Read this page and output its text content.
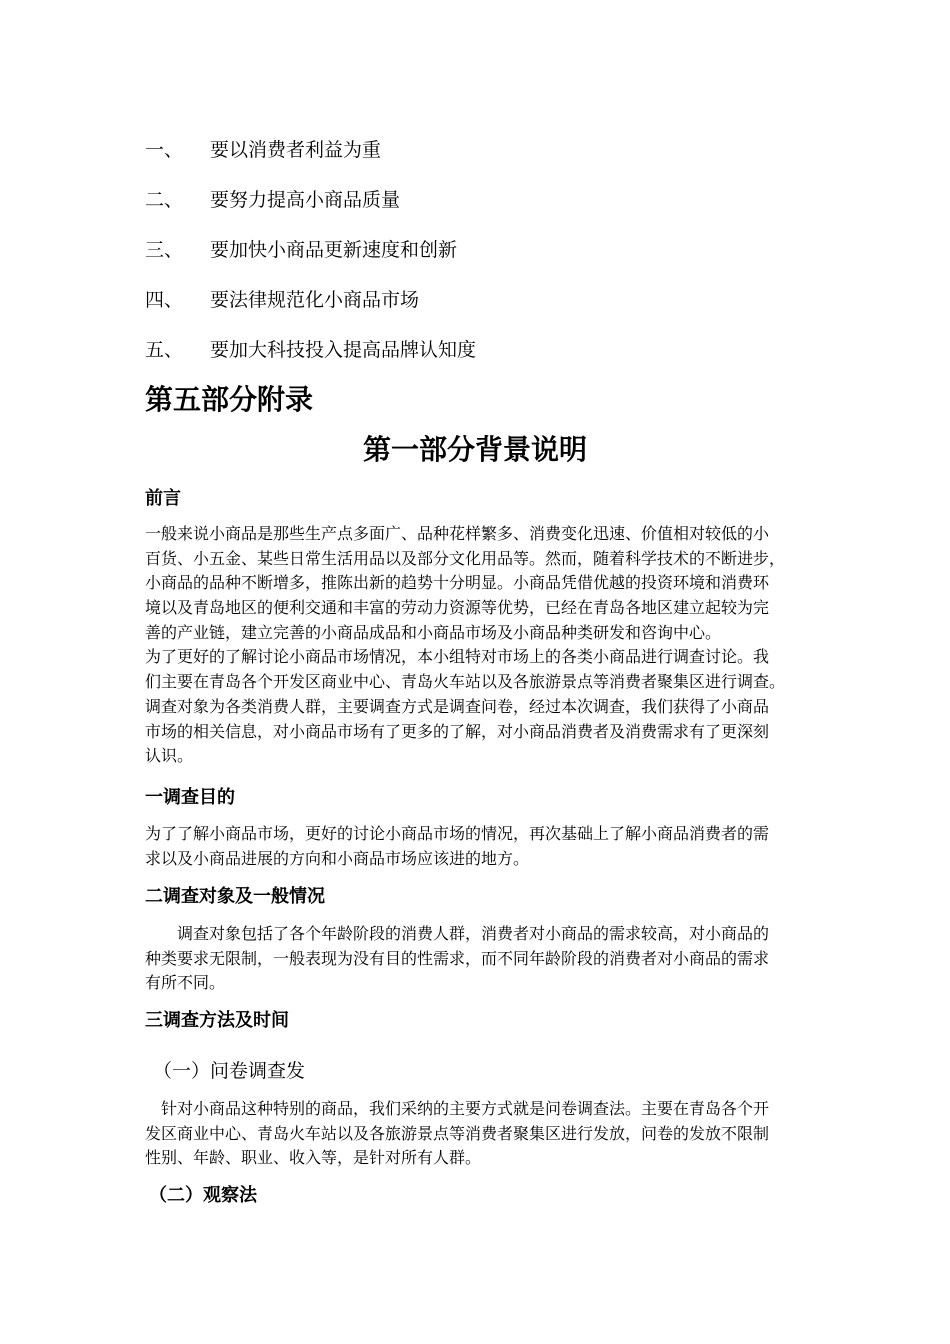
一、 要以消费者利益为重
二、 要努力提高小商品质量
三、 要加快小商品更新速度和创新
四、 要法律规范化小商品市场
五、 要加大科技投入提高品牌认知度
第五部分附录
第一部分背景说明
前言
一般来说小商品是那些生产点多面广、品种花样繁多、消费变化迅速、价值相对较低的小
百货、小五金、某些日常生活用品以及部分文化用品等。然而，随着科学技术的不断进步，
小商品的品种不断增多，推陈出新的趋势十分明显。小商品凭借优越的投资环境和消费环
境以及青岛地区的便利交通和丰富的劳动力资源等优势，已经在青岛各地区建立起较为完
善的产业链，建立完善的小商品成品和小商品市场及小商品种类研发和咨询中心。
为了更好的了解讨论小商品市场情况，本小组特对市场上的各类小商品进行调查讨论。我
们主要在青岛各个开发区商业中心、青岛火车站以及各旅游景点等消费者聚集区进行调查。
调查对象为各类消费人群，主要调查方式是调查问卷，经过本次调查，我们获得了小商品
市场的相关信息，对小商品市场有了更多的了解，对小商品消费者及消费需求有了更深刻
认识。
一调查目的
为了了解小商品市场，更好的讨论小商品市场的情况，再次基础上了解小商品消费者的需
求以及小商品进展的方向和小商品市场应该进的地方。
二调查对象及一般情况
　　调查对象包括了各个年龄阶段的消费人群，消费者对小商品的需求较高，对小商品的
种类要求无限制，一般表现为没有目的性需求，而不同年龄阶段的消费者对小商品的需求
有所不同。
三调查方法及时间
（一）问卷调查发
　针对小商品这种特别的商品，我们采纳的主要方式就是问卷调查法。主要在青岛各个开
发区商业中心、青岛火车站以及各旅游景点等消费者聚集区进行发放，问卷的发放不限制
性别、年龄、职业、收入等，是针对所有人群。
（二）观察法
